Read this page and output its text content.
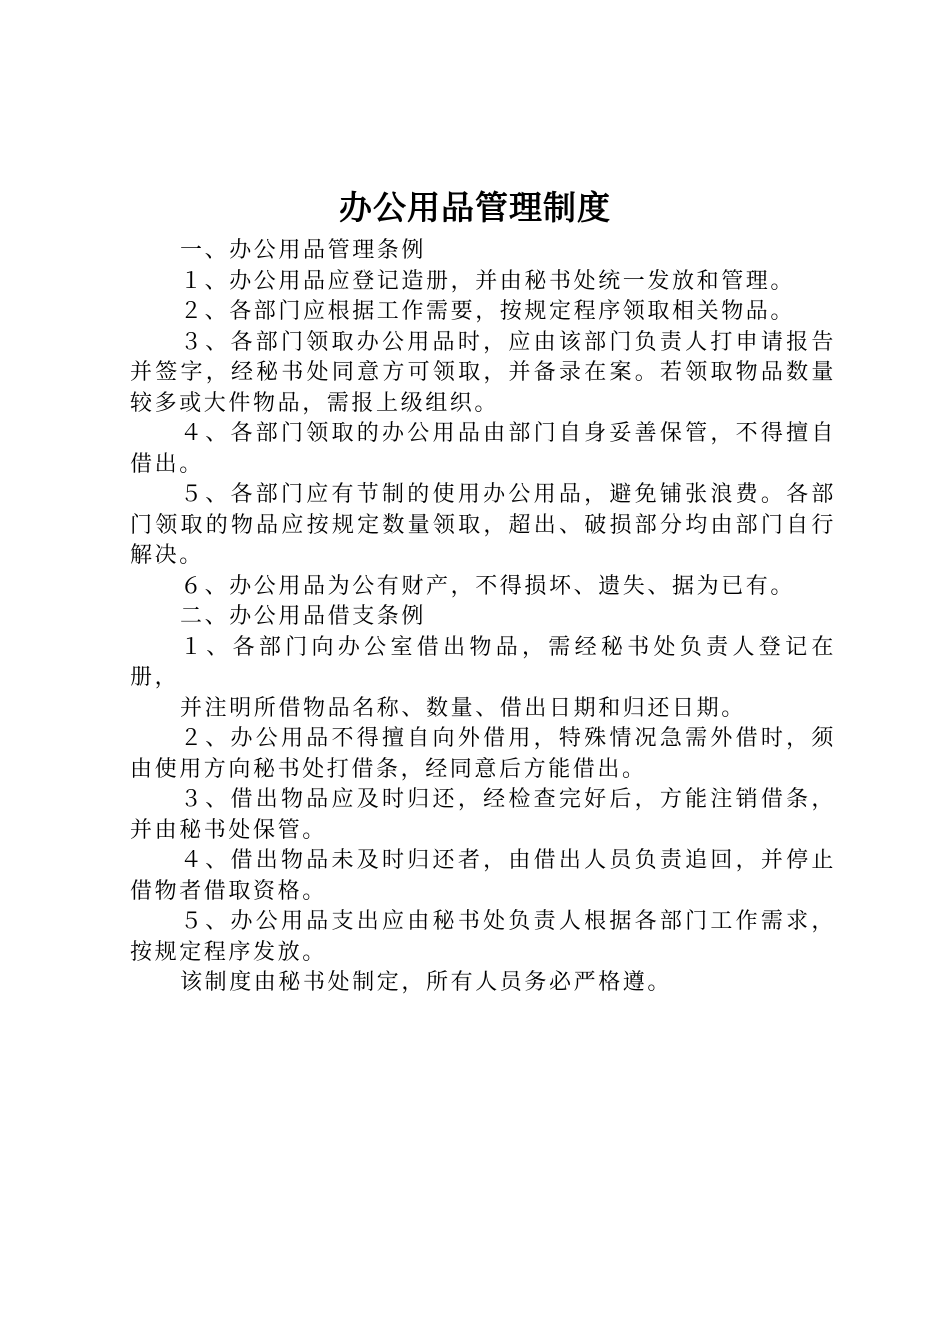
办公用品管理制度

一、办公用品管理条例

１、办公用品应登记造册，并由秘书处统一发放和管理。

２、各部门应根据工作需要，按规定程序领取相关物品。

３、各部门领取办公用品时，应由该部门负责人打申请报告并签字，经秘书处同意方可领取，并备录在案。若领取物品数量较多或大件物品，需报上级组织。

４、各部门领取的办公用品由部门自身妥善保管，不得擅自借出。

５、各部门应有节制的使用办公用品，避免铺张浪费。各部门领取的物品应按规定数量领取，超出、破损部分均由部门自行解决。

６、办公用品为公有财产，不得损坏、遗失、据为已有。

二、办公用品借支条例

１、各部门向办公室借出物品，需经秘书处负责人登记在册，

并注明所借物品名称、数量、借出日期和归还日期。

２、办公用品不得擅自向外借用，特殊情况急需外借时，须由使用方向秘书处打借条，经同意后方能借出。

３、借出物品应及时归还，经检查完好后，方能注销借条，并由秘书处保管。

４、借出物品未及时归还者，由借出人员负责追回，并停止借物者借取资格。

５、办公用品支出应由秘书处负责人根据各部门工作需求，按规定程序发放。

该制度由秘书处制定，所有人员务必严格遵。
